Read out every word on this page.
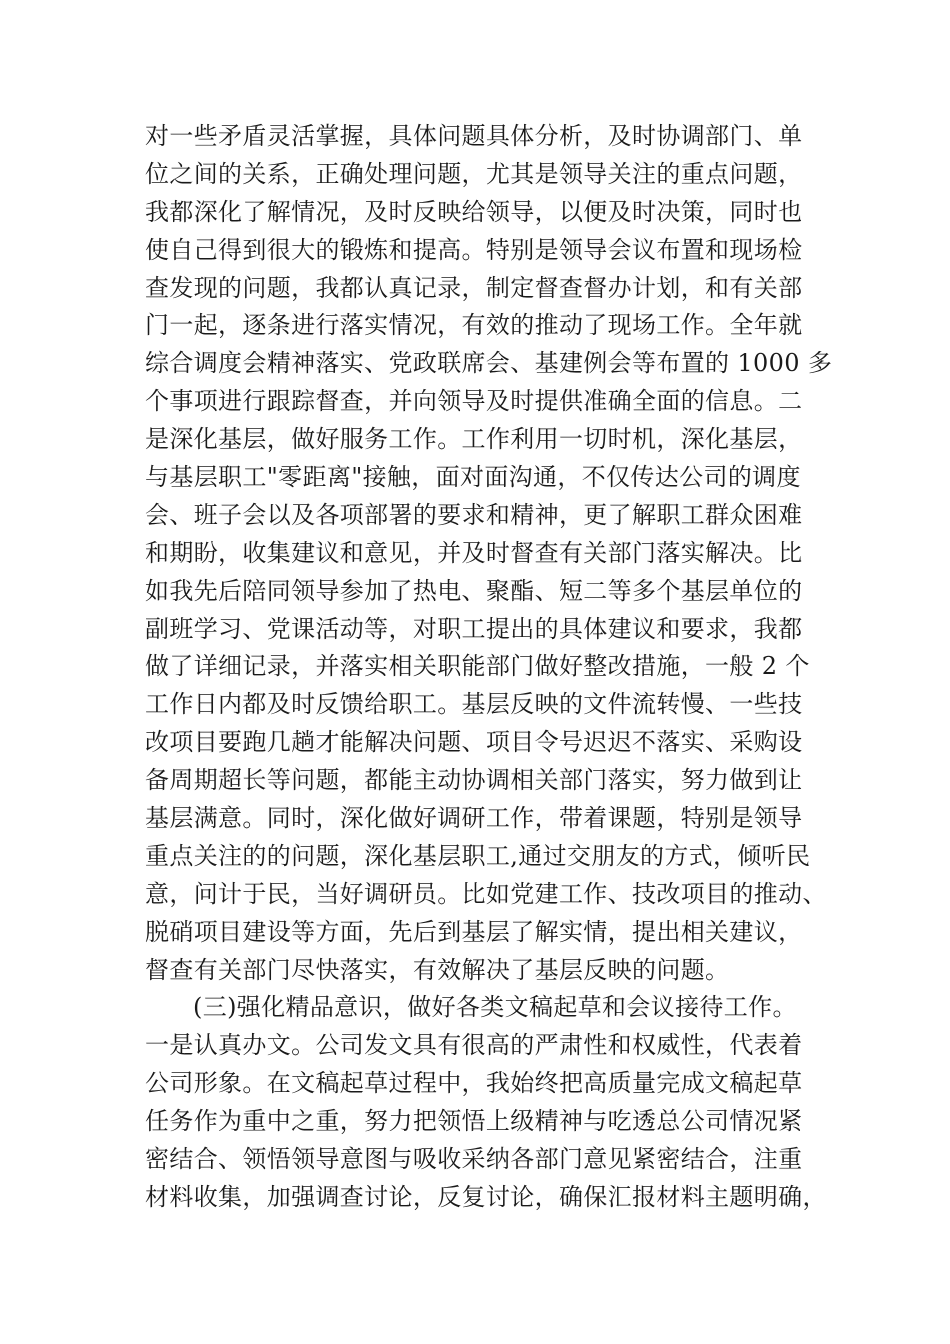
对一些矛盾灵活掌握，具体问题具体分析，及时协调部门、单
位之间的关系，正确处理问题，尤其是领导关注的重点问题，
我都深化了解情况，及时反映给领导，以便及时决策，同时也
使自己得到很大的锻炼和提高。特别是领导会议布置和现场检
查发现的问题，我都认真记录，制定督查督办计划，和有关部
门一起，逐条进行落实情况，有效的推动了现场工作。全年就
综合调度会精神落实、党政联席会、基建例会等布置的 1000 多
个事项进行跟踪督查，并向领导及时提供准确全面的信息。二
是深化基层，做好服务工作。工作利用一切时机，深化基层，
与基层职工"零距离"接触，面对面沟通，不仅传达公司的调度
会、班子会以及各项部署的要求和精神，更了解职工群众困难
和期盼，收集建议和意见，并及时督查有关部门落实解决。比
如我先后陪同领导参加了热电、聚酯、短二等多个基层单位的
副班学习、党课活动等，对职工提出的具体建议和要求，我都
做了详细记录，并落实相关职能部门做好整改措施，一般 2 个
工作日内都及时反馈给职工。基层反映的文件流转慢、一些技
改项目要跑几趟才能解决问题、项目令号迟迟不落实、采购设
备周期超长等问题，都能主动协调相关部门落实，努力做到让
基层满意。同时，深化做好调研工作，带着课题，特别是领导
重点关注的的问题，深化基层职工,通过交朋友的方式，倾听民
意，问计于民，当好调研员。比如党建工作、技改项目的推动、
脱硝项目建设等方面，先后到基层了解实情，提出相关建议，
督查有关部门尽快落实，有效解决了基层反映的问题。
(三)强化精品意识，做好各类文稿起草和会议接待工作。
一是认真办文。公司发文具有很高的严肃性和权威性，代表着
公司形象。在文稿起草过程中，我始终把高质量完成文稿起草
任务作为重中之重，努力把领悟上级精神与吃透总公司情况紧
密结合、领悟领导意图与吸收采纳各部门意见紧密结合，注重
材料收集，加强调查讨论，反复讨论，确保汇报材料主题明确，
